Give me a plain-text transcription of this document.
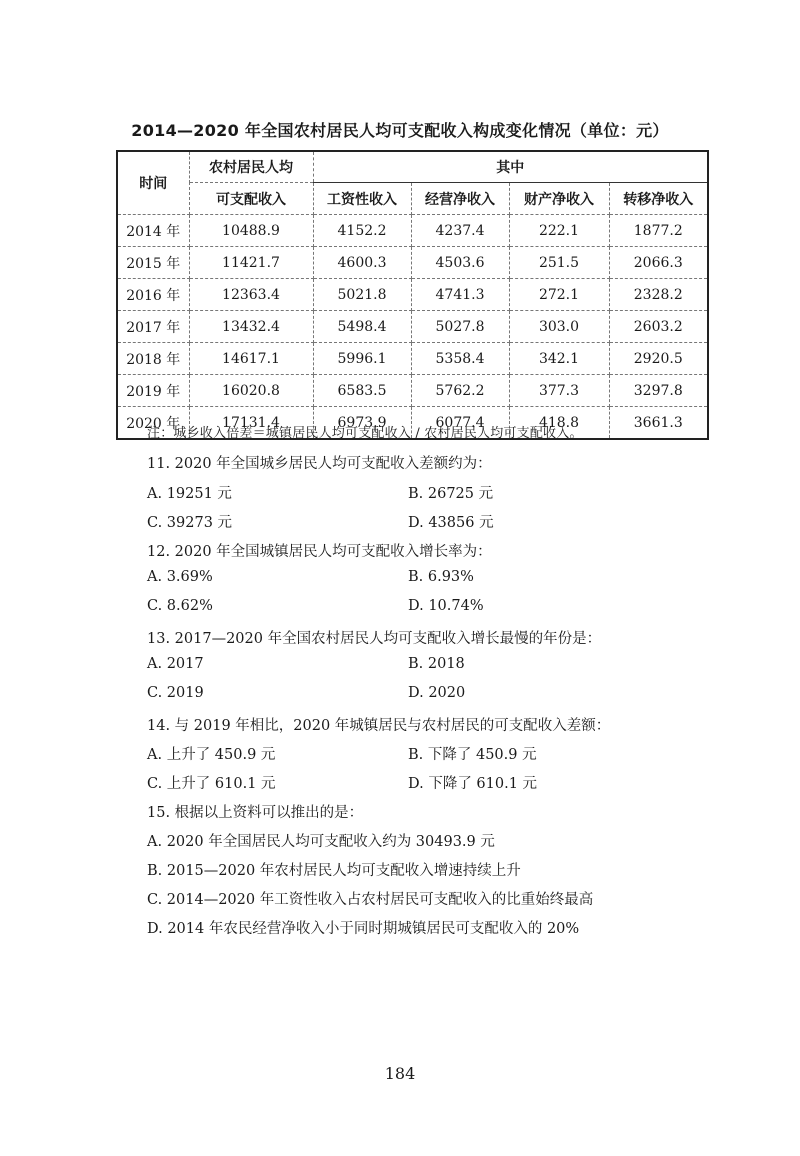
2014—2020 年全国农村居民人均可支配收入构成变化情况（单位：元）
时间	农村居民人均	其中			
	可支配收入	工资性收入	经营净收入	财产净收入	转移净收入
2014 年	10488.9	4152.2	4237.4	222.1	1877.2
2015 年	11421.7	4600.3	4503.6	251.5	2066.3
2016 年	12363.4	5021.8	4741.3	272.1	2328.2
2017 年	13432.4	5498.4	5027.8	303.0	2603.2
2018 年	14617.1	5996.1	5358.4	342.1	2920.5
2019 年	16020.8	6583.5	5762.2	377.3	3297.8
2020 年	17131.4	6973.9	6077.4	418.8	3661.3
注：城乡收入倍差＝城镇居民人均可支配收入 / 农村居民人均可支配收入。
11. 2020 年全国城乡居民人均可支配收入差额约为：
A. 19251 元	B. 26725 元
C. 39273 元	D. 43856 元
12. 2020 年全国城镇居民人均可支配收入增长率为：
A. 3.69%	B. 6.93%
C. 8.62%	D. 10.74%
13. 2017—2020 年全国农村居民人均可支配收入增长最慢的年份是：
A. 2017	B. 2018
C. 2019	D. 2020
14. 与 2019 年相比，2020 年城镇居民与农村居民的可支配收入差额：
A. 上升了 450.9 元	B. 下降了 450.9 元
C. 上升了 610.1 元	D. 下降了 610.1 元
15. 根据以上资料可以推出的是：
A. 2020 年全国居民人均可支配收入约为 30493.9 元
B. 2015—2020 年农村居民人均可支配收入增速持续上升
C. 2014—2020 年工资性收入占农村居民可支配收入的比重始终最高
D. 2014 年农民经营净收入小于同时期城镇居民可支配收入的 20%
184
